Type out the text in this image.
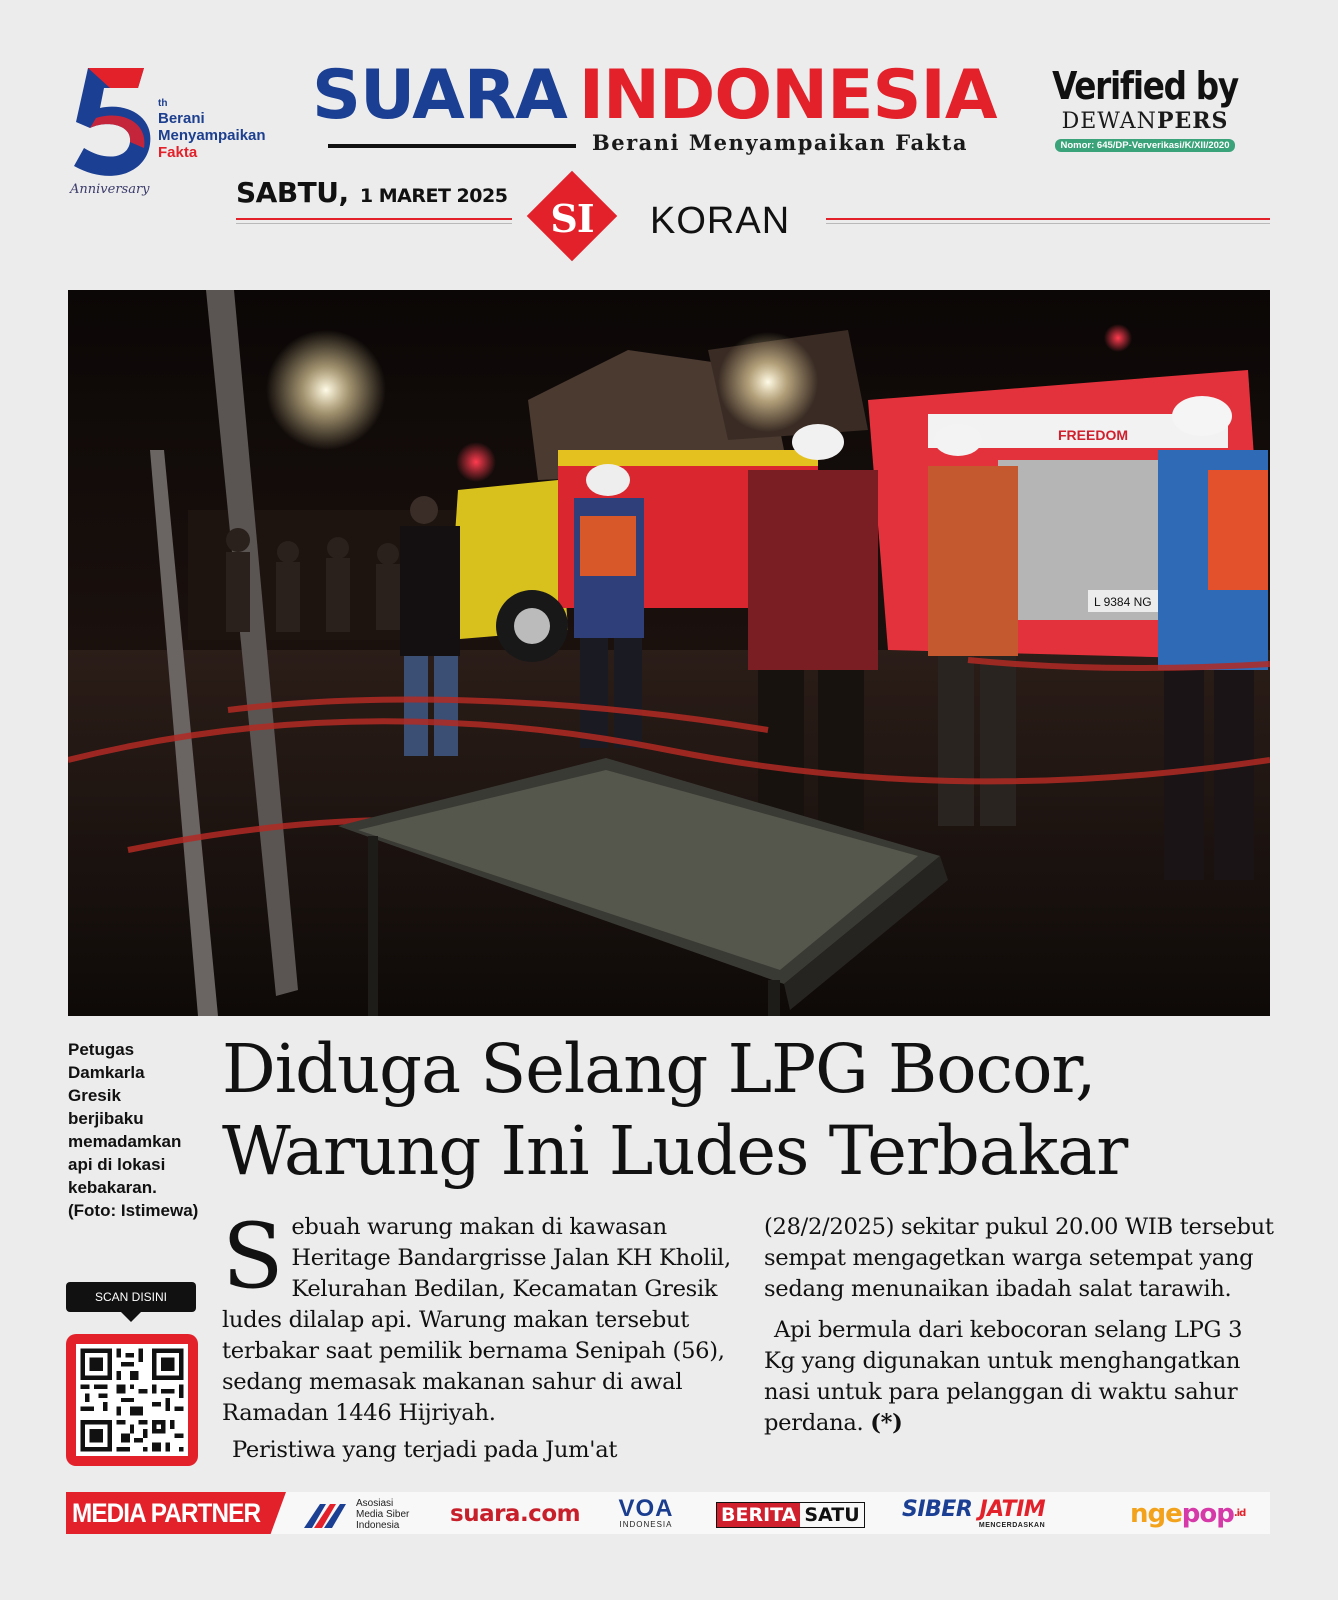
th
Berani
Menyampaikan
Fakta
Anniversary
SUARA INDONESIA
Berani Menyampaikan Fakta
Verified by
DEWANPERS
Nomor: 645/DP-Ververikasi/K/XII/2020
SABTU, 1 MARET 2025	SI	KORAN
FREEDOM
L 9384 NG
Petugas Damkarla Gresik berjibaku memadamkan api di lokasi kebakaran. (Foto: Istimewa)
Diduga Selang LPG Bocor,
Warung Ini Ludes Terbakar

Sebuah warung makan di kawasan Heritage Bandargrisse Jalan KH Kholil, Kelurahan Bedilan, Kecamatan Gresik ludes dilalap api. Warung makan tersebut terbakar saat pemilik bernama Senipah (56), sedang memasak makanan sahur di awal Ramadan 1446 Hijriyah.

Peristiwa yang terjadi pada Jum'at

(28/2/2025) sekitar pukul 20.00 WIB tersebut sempat mengagetkan warga setempat yang sedang menunaikan ibadah salat tarawih.

Api bermula dari kebocoran selang LPG 3 Kg yang digunakan untuk menghangatkan nasi untuk para pelanggan di waktu sahur perdana. (*)

SCAN DISINI
MEDIA PARTNER	Asosiasi
Media Siber
Indonesia	suara.com	VOA
INDONESIA	BERITA SATU SIBER JATIM
MENCERDASKAN	ngepop$^{.id}$
